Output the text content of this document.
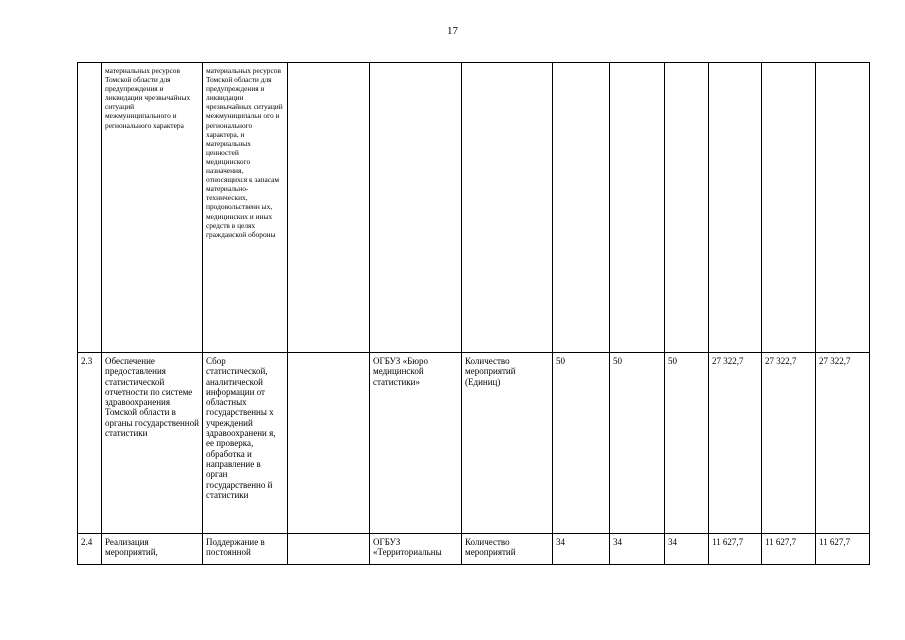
17

	материальных ресурсов Томской области для предупреждения и ликвидации чрезвычайных ситуаций межмуниципального и регионального характера	материальных ресурсов Томской области для предупреждения и ликвидации чрезвычайных ситуаций межмуниципальн ого и регионального характера, и материальных ценностей медицинского назначения, относящихся к запасам материально-технических, продовольственн ых, медицинских и иных средств в целях гражданской обороны									

2.3	Обеспечение предоставления статистической отчетности по системе здравоохранения Томской области в органы государственной статистики	Сбор статистической, аналитической информации от областных государственны х учреждений здравоохранени я, ее проверка, обработка и направление в орган государственно й статистики		ОГБУЗ «Бюро медицинской статистики»	Количество мероприятий (Единиц)	50	50	50	27 322,7	27 322,7	27 322,7

2.4	Реализация мероприятий,	Поддержание в постоянной		ОГБУЗ «Территориальны	Количество мероприятий	34	34	34	11 627,7	11 627,7	11 627,7
